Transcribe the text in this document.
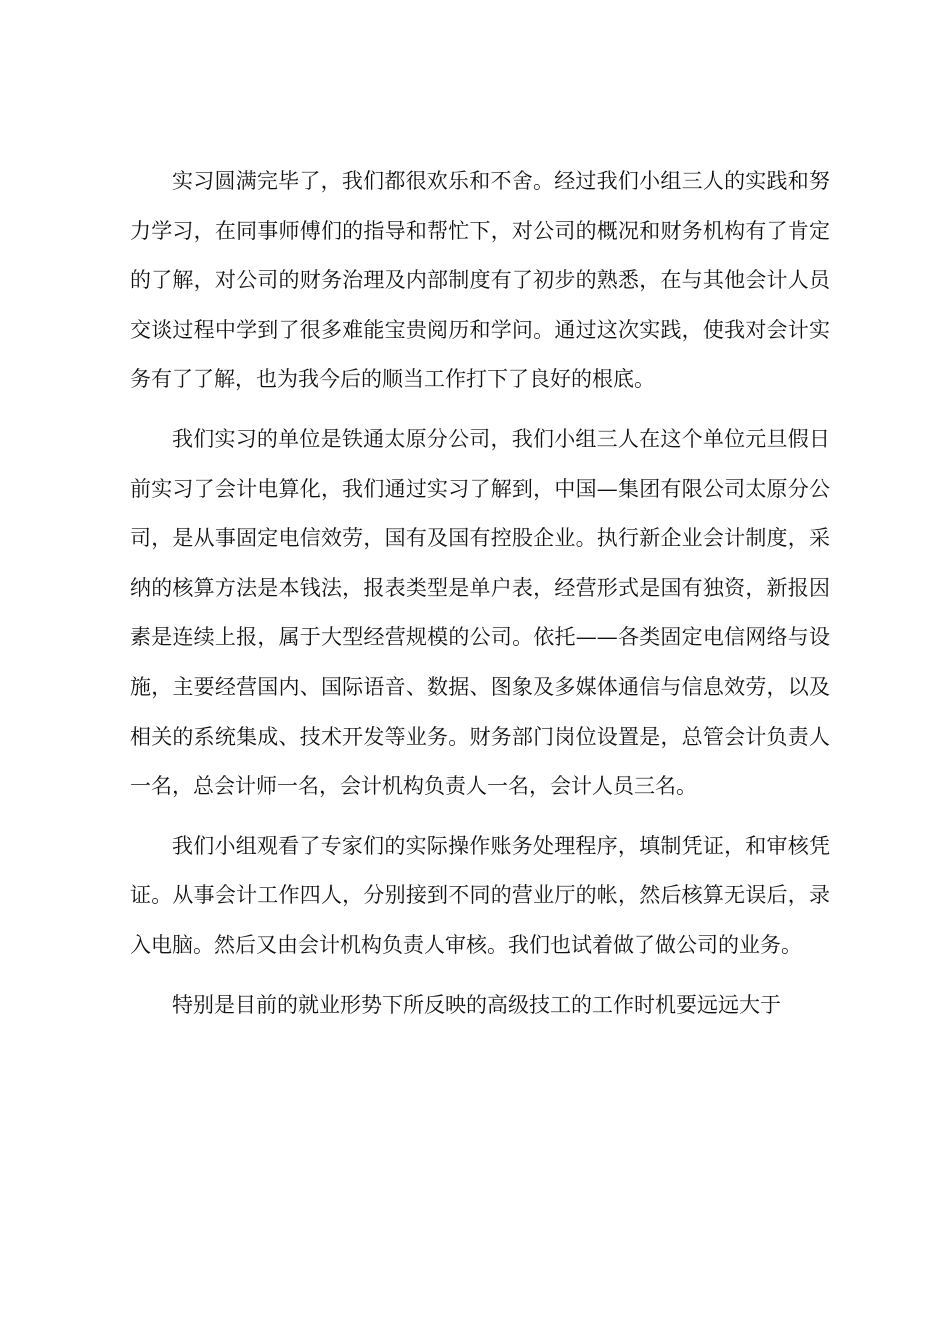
实习圆满完毕了，我们都很欢乐和不舍。经过我们小组三人的实践和努力学习，在同事师傅们的指导和帮忙下，对公司的概况和财务机构有了肯定的了解，对公司的财务治理及内部制度有了初步的熟悉，在与其他会计人员交谈过程中学到了很多难能宝贵阅历和学问。通过这次实践，使我对会计实务有了了解，也为我今后的顺当工作打下了良好的根底。

我们实习的单位是铁通太原分公司，我们小组三人在这个单位元旦假日前实习了会计电算化，我们通过实习了解到，中国—集团有限公司太原分公司，是从事固定电信效劳，国有及国有控股企业。执行新企业会计制度，采纳的核算方法是本钱法，报表类型是单户表，经营形式是国有独资，新报因素是连续上报，属于大型经营规模的公司。依托——各类固定电信网络与设施，主要经营国内、国际语音、数据、图象及多媒体通信与信息效劳，以及相关的系统集成、技术开发等业务。财务部门岗位设置是，总管会计负责人一名，总会计师一名，会计机构负责人一名，会计人员三名。

我们小组观看了专家们的实际操作账务处理程序，填制凭证，和审核凭证。从事会计工作四人，分别接到不同的营业厅的帐，然后核算无误后，录入电脑。然后又由会计机构负责人审核。我们也试着做了做公司的业务。

特别是目前的就业形势下所反映的高级技工的工作时机要远远大于
